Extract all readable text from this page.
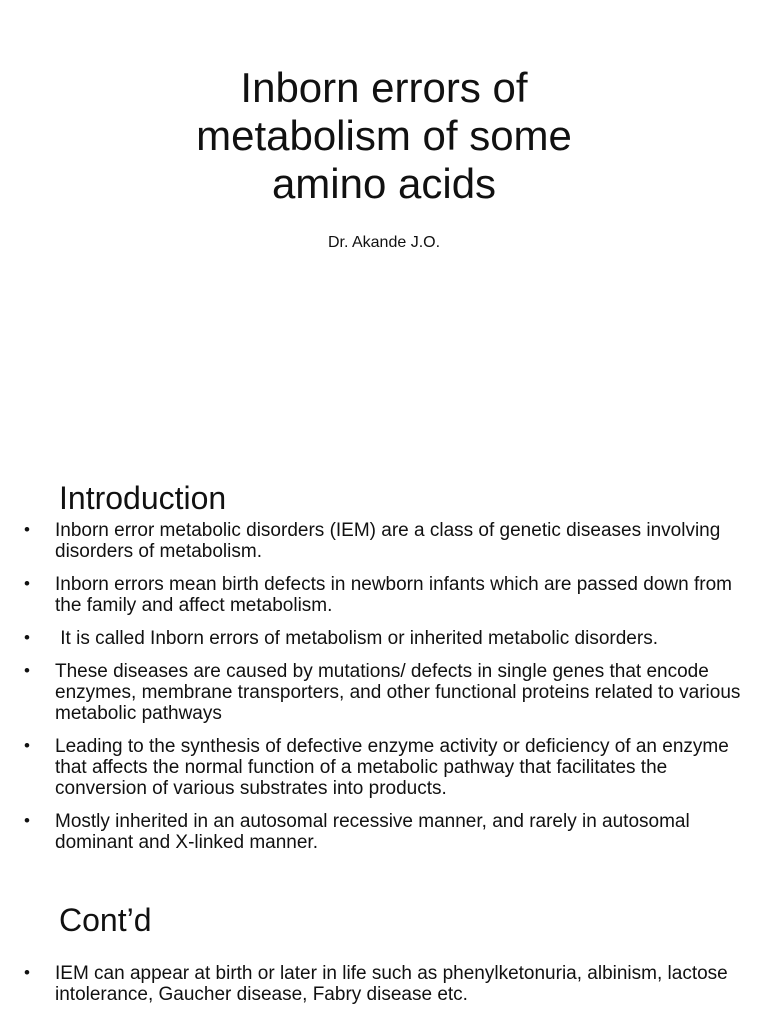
Inborn errors of
metabolism of some
amino acids
Dr. Akande J.O.
Introduction
• Inborn error metabolic disorders (IEM) are a class of genetic diseases involving disorders of metabolism.
• Inborn errors mean birth defects in newborn infants which are passed down from the family and affect metabolism.
• It is called Inborn errors of metabolism or inherited metabolic disorders.
• These diseases are caused by mutations/ defects in single genes that encode enzymes, membrane transporters, and other functional proteins related to various metabolic pathways
• Leading to the synthesis of defective enzyme activity or deficiency of an enzyme that affects the normal function of a metabolic pathway that facilitates the conversion of various substrates into products.
• Mostly inherited in an autosomal recessive manner, and rarely in autosomal dominant and X-linked manner.
Cont’d
• IEM can appear at birth or later in life such as phenylketonuria, albinism, lactose intolerance, Gaucher disease, Fabry disease etc.
